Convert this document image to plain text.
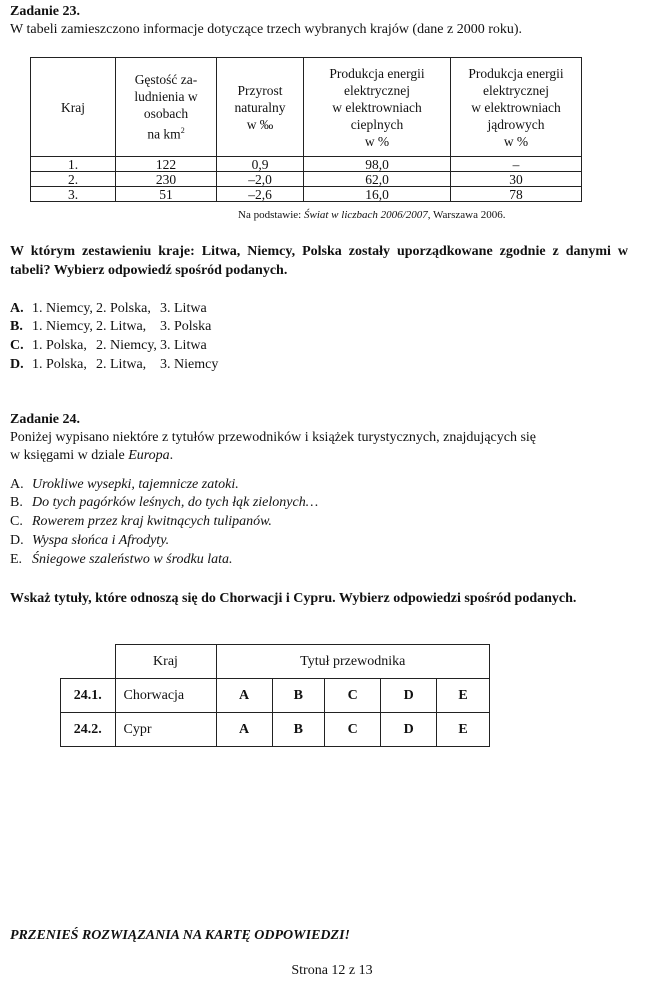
Zadanie 23.
W tabeli zamieszczono informacje dotyczące trzech wybranych krajów (dane z 2000 roku).
Kraj	Gęstość za-
ludnienia w
osobach
na $km^2$	Przyrost
naturalny
w ‰	Produkcja energii
elektrycznej
w elektrowniach
cieplnych
w %	Produkcja energii
elektrycznej
w elektrowniach
jądrowych
w %
1.	122	0,9	98,0	–
2.	230	–2,0	62,0	30
3.	51	–2,6	16,0	78
Na podstawie: Świat w liczbach 2006/2007, Warszawa 2006.
W którym zestawieniu kraje: Litwa, Niemcy, Polska zostały uporządkowane zgodnie z danymi w tabeli? Wybierz odpowiedź spośród podanych.
A. 1. Niemcy, 2. Polska, 3. Litwa
B. 1. Niemcy, 2. Litwa, 3. Polska
C. 1. Polska, 2. Niemcy, 3. Litwa
D. 1. Polska, 2. Litwa, 3. Niemcy
Zadanie 24.
Poniżej wypisano niektóre z tytułów przewodników i książek turystycznych, znajdujących się
w księgami w dziale Europa.
A. Urokliwe wysepki, tajemnicze zatoki.
B. Do tych pagórków leśnych, do tych łąk zielonych…
C. Rowerem przez kraj kwitnących tulipanów.
D. Wyspa słońca i Afrodyty.
E. Śniegowe szaleństwo w środku lata.
Wskaż tytuły, które odnoszą się do Chorwacji i Cypru. Wybierz odpowiedzi spośród podanych.
	Kraj	Tytuł przewodnika				
24.1.	Chorwacja	A	B	C	D	E
24.2.	Cypr	A	B	C	D	E
PRZENIEŚ ROZWIĄZANIA NA KARTĘ ODPOWIEDZI!
Strona 12 z 13
